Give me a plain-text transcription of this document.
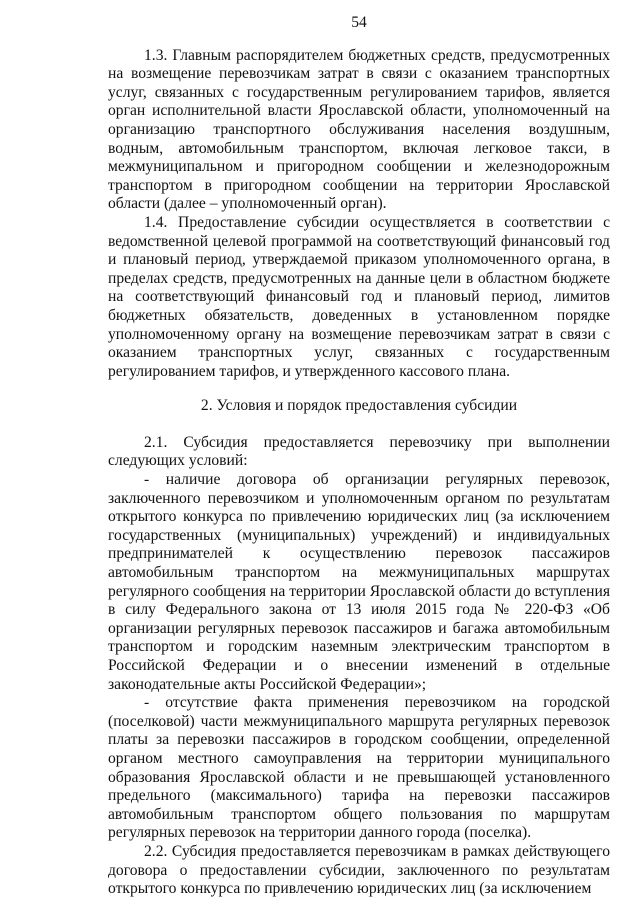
54

1.3. Главным распорядителем бюджетных средств, предусмотренных на возмещение перевозчикам затрат в связи с оказанием транспортных услуг, связанных с государственным регулированием тарифов, является орган исполнительной власти Ярославской области, уполномоченный на организацию транспортного обслуживания населения воздушным, водным, автомобильным транспортом, включая легковое такси, в межмуниципальном и пригородном сообщении и железнодорожным транспортом в пригородном сообщении на территории Ярославской области (далее – уполномоченный орган).

1.4. Предоставление субсидии осуществляется в соответствии с ведомственной целевой программой на соответствующий финансовый год и плановый период, утверждаемой приказом уполномоченного органа, в пределах средств, предусмотренных на данные цели в областном бюджете на соответствующий финансовый год и плановый период, лимитов бюджетных обязательств, доведенных в установленном порядке уполномоченному органу на возмещение перевозчикам затрат в связи с оказанием транспортных услуг, связанных с государственным регулированием тарифов, и утвержденного кассового плана.

2. Условия и порядок предоставления субсидии

2.1. Субсидия предоставляется перевозчику при выполнении следующих условий:

- наличие договора об организации регулярных перевозок, заключенного перевозчиком и уполномоченным органом по результатам открытого конкурса по привлечению юридических лиц (за исключением государственных (муниципальных) учреждений) и индивидуальных предпринимателей к осуществлению перевозок пассажиров автомобильным транспортом на межмуниципальных маршрутах регулярного сообщения на территории Ярославской области до вступления в силу Федерального закона от 13 июля 2015 года № 220-ФЗ «Об организации регулярных перевозок пассажиров и багажа автомобильным транспортом и городским наземным электрическим транспортом в Российской Федерации и о внесении изменений в отдельные законодательные акты Российской Федерации»;

- отсутствие факта применения перевозчиком на городской (поселковой) части межмуниципального маршрута регулярных перевозок платы за перевозки пассажиров в городском сообщении, определенной органом местного самоуправления на территории муниципального образования Ярославской области и не превышающей установленного предельного (максимального) тарифа на перевозки пассажиров автомобильным транспортом общего пользования по маршрутам регулярных перевозок на территории данного города (поселка).

2.2. Субсидия предоставляется перевозчикам в рамках действующего договора о предоставлении субсидии, заключенного по результатам открытого конкурса по привлечению юридических лиц (за исключением
